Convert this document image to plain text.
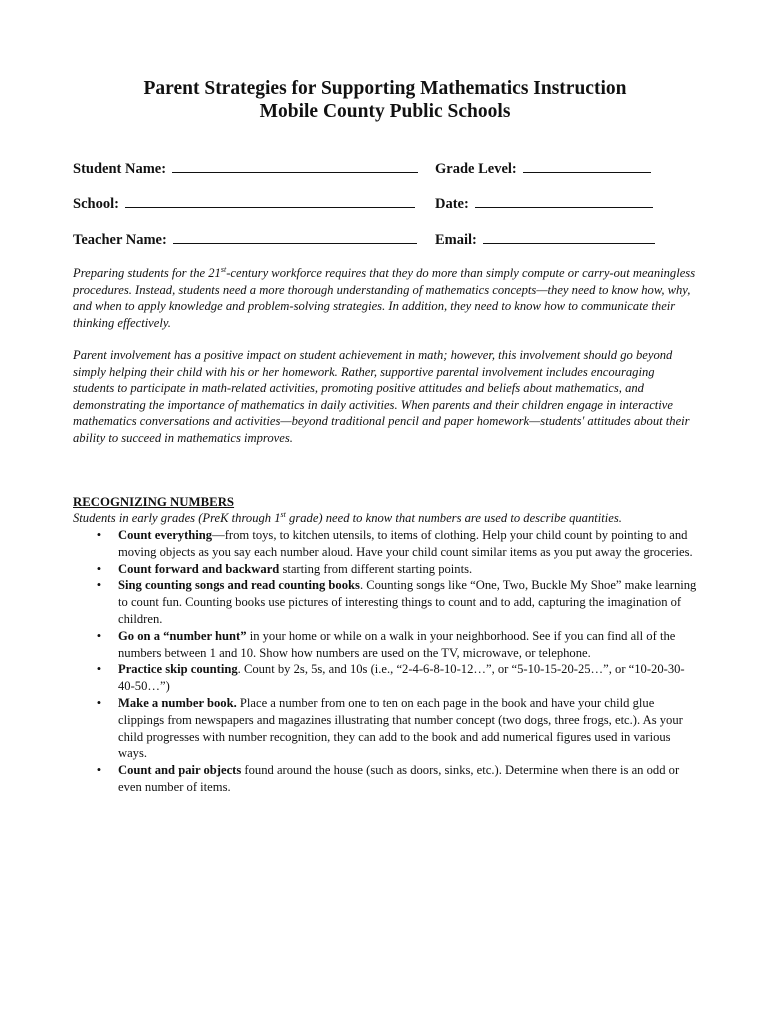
Parent Strategies for Supporting Mathematics Instruction
Mobile County Public Schools
Student Name:	Grade Level:
School:	Date:
Teacher Name:	Email:
Preparing students for the 21st-century workforce requires that they do more than simply compute or carry-out meaningless procedures. Instead, students need a more thorough understanding of mathematics concepts—they need to know how, why, and when to apply knowledge and problem-solving strategies. In addition, they need to know how to communicate their thinking effectively.
Parent involvement has a positive impact on student achievement in math; however, this involvement should go beyond simply helping their child with his or her homework. Rather, supportive parental involvement includes encouraging students to participate in math-related activities, promoting positive attitudes and beliefs about mathematics, and demonstrating the importance of mathematics in daily activities. When parents and their children engage in interactive mathematics conversations and activities—beyond traditional pencil and paper homework—students' attitudes about their ability to succeed in mathematics improves.
RECOGNIZING NUMBERS
Students in early grades (PreK through 1st grade) need to know that numbers are used to describe quantities.
•	Count everything—from toys, to kitchen utensils, to items of clothing. Help your child count by pointing to and moving objects as you say each number aloud. Have your child count similar items as you put away the groceries.
•	Count forward and backward starting from different starting points.
•	Sing counting songs and read counting books. Counting songs like “One, Two, Buckle My Shoe” make learning to count fun. Counting books use pictures of interesting things to count and to add, capturing the imagination of children.
•	Go on a “number hunt” in your home or while on a walk in your neighborhood. See if you can find all of the numbers between 1 and 10. Show how numbers are used on the TV, microwave, or telephone.
•	Practice skip counting. Count by 2s, 5s, and 10s (i.e., “2-4-6-8-10-12…”, or “5-10-15-20-25…”, or “10-20-30-40-50…”)
•	Make a number book. Place a number from one to ten on each page in the book and have your child glue clippings from newspapers and magazines illustrating that number concept (two dogs, three frogs, etc.). As your child progresses with number recognition, they can add to the book and add numerical figures used in various ways.
•	Count and pair objects found around the house (such as doors, sinks, etc.). Determine when there is an odd or even number of items.
